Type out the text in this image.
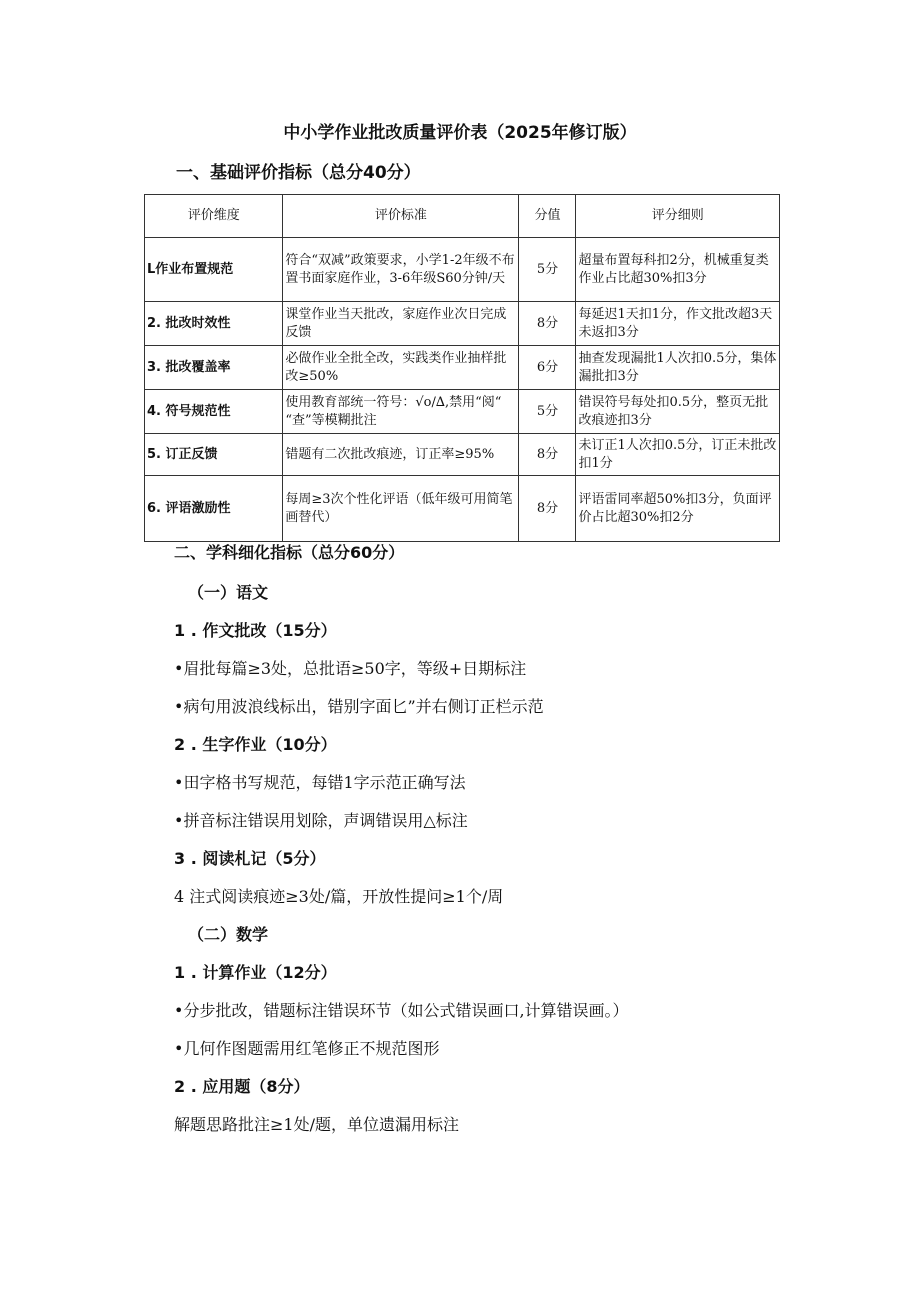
中小学作业批改质量评价表（2025年修订版）
一、基础评价指标（总分40分）
评价维度	评价标准	分值	评分细则
L作业布置规范	符合“双减”政策要求，小学1-2年级不布置书面家庭作业，3-6年级S60分钟/天	5分	超量布置每科扣2分，机械重复类作业占比超30%扣3分
2. 批改时效性	课堂作业当天批改，家庭作业次日完成反馈	8分	每延迟1天扣1分，作文批改超3天未返扣3分
3. 批改覆盖率	必做作业全批全改，实践类作业抽样批改≥50%	6分	抽查发现漏批1人次扣0.5分，集体漏批扣3分
4. 符号规范性	使用教育部统一符号：√o/∆,禁用“阅“ “查”等模糊批注	5分	错误符号每处扣0.5分，整页无批改痕迹扣3分
5. 订正反馈	错题有二次批改痕迹，订正率≥95%	8分	未订正1人次扣0.5分，订正未批改扣1分
6. 评语激励性	每周≥3次个性化评语（低年级可用简笔画替代）	8分	评语雷同率超50%扣3分，负面评价占比超30%扣2分
二、学科细化指标（总分60分）
（一）语文
1 . 作文批改（15分）
•眉批每篇≥3处，总批语≥50字，等级+日期标注
•病句用波浪线标出，错别字面匕”并右侧订正栏示范
2 . 生字作业（10分）
•田字格书写规范，每错1字示范正确写法
•拼音标注错误用划除，声调错误用△标注
3 . 阅读札记（5分）
4 注式阅读痕迹≥3处/篇，开放性提问≥1个/周
（二）数学
1 . 计算作业（12分）
•分步批改，错题标注错误环节（如公式错误画口,计算错误画。）
•几何作图题需用红笔修正不规范图形
2 . 应用题（8分）
解题思路批注≥1处/题，单位遗漏用标注
